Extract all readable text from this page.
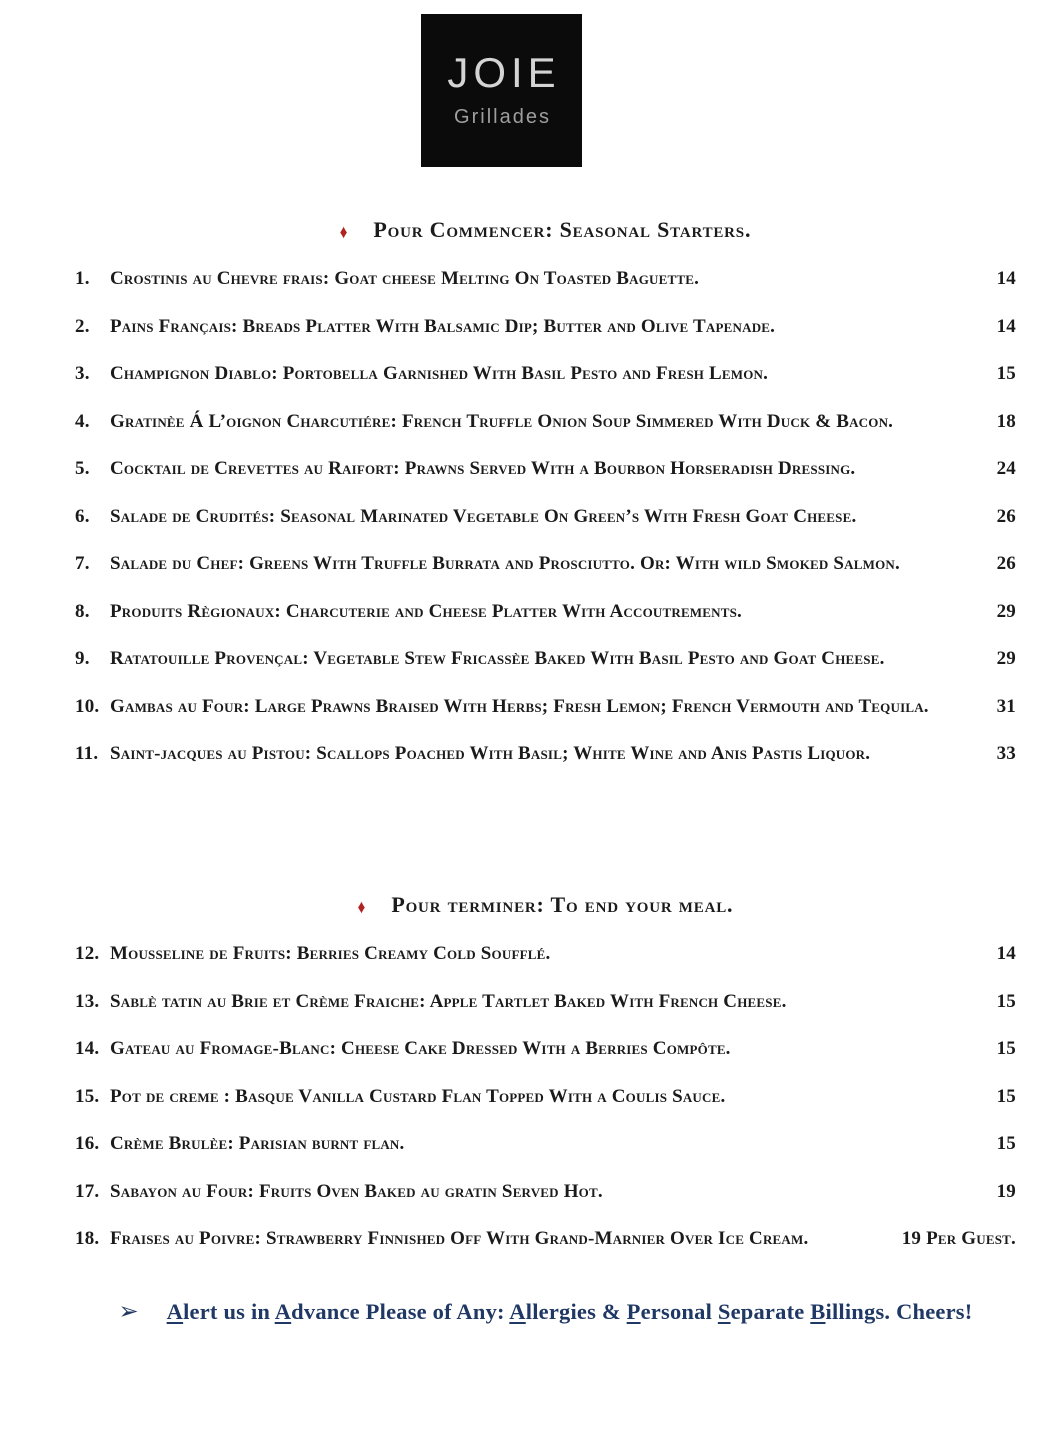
JOIE
Grillades
♦ Pour Commencer: Seasonal Starters.
1.	Crostinis au Chevre frais: Goat cheese Melting On Toasted Baguette.	14
2.	Pains Français: Breads Platter With Balsamic Dip; Butter and Olive Tapenade.	14
3.	Champignon Diablo: Portobella Garnished With Basil Pesto and Fresh Lemon.	15
4.	Gratinèe Á L’oignon Charcutiére: French Truffle Onion Soup Simmered With Duck & Bacon.	18
5.	Cocktail de Crevettes au Raifort: Prawns Served With a Bourbon Horseradish Dressing.	24
6.	Salade de Crudités: Seasonal Marinated Vegetable On Green’s With Fresh Goat Cheese.	26
7.	Salade du Chef: Greens With Truffle Burrata and Prosciutto. Or: With wild Smoked Salmon.	26
8.	Produits Règionaux: Charcuterie and Cheese Platter With Accoutrements.	29
9.	Ratatouille Provençal: Vegetable Stew Fricassèe Baked With Basil Pesto and Goat Cheese.	29
10. Gambas au Four: Large Prawns Braised With Herbs; Fresh Lemon; French Vermouth and Tequila.	31
11. Saint-jacques au Pistou: Scallops Poached With Basil; White Wine and Anis Pastis Liquor.	33
♦ Pour terminer: To end your meal.
12. Mousseline de Fruits: Berries Creamy Cold Soufflé.	14
13. Sablè tatin au Brie et Crème Fraiche: Apple Tartlet Baked With French Cheese.	15
14. Gateau au Fromage-Blanc: Cheese Cake Dressed With a Berries Compôte.	15
15. Pot de creme : Basque Vanilla Custard Flan Topped With a Coulis Sauce.	15
16. Crème Brulèe: Parisian burnt flan.	15
17. Sabayon au Four: Fruits Oven Baked au gratin Served Hot.	19
18. Fraises au Poivre: Strawberry Finnished Off With Grand-Marnier Over Ice Cream.	19 Per Guest.
➢ Alert us in Advance Please of Any: Allergies & Personal Separate Billings. Cheers!
